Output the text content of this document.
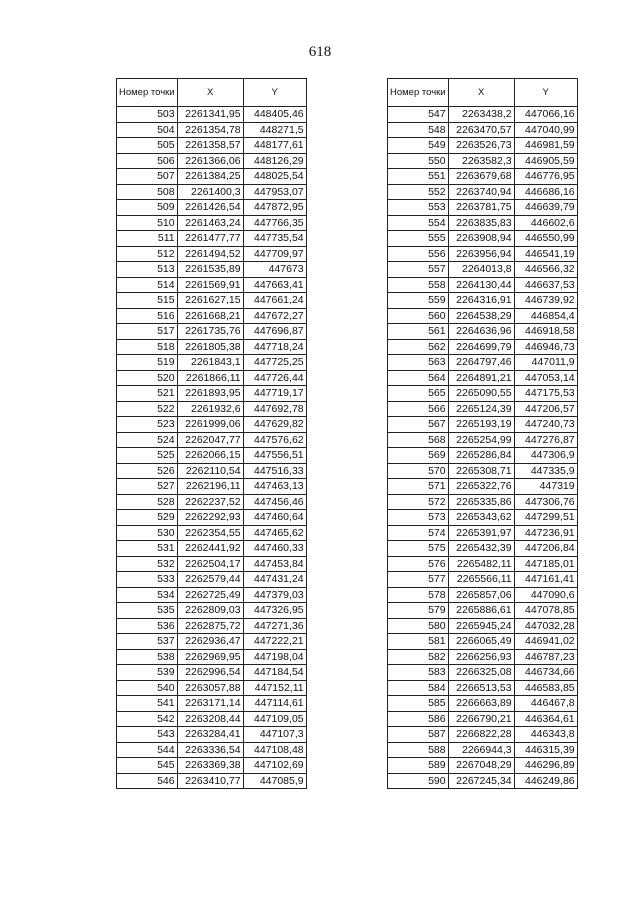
618
Номер точки	X	Y
503	2261341,95	448405,46
504	2261354,78	448271,5
505	2261358,57	448177,61
506	2261366,06	448126,29
507	2261384,25	448025,54
508	2261400,3	447953,07
509	2261426,54	447872,95
510	2261463,24	447766,35
511	2261477,77	447735,54
512	2261494,52	447709,97
513	2261535,89	447673
514	2261569,91	447663,41
515	2261627,15	447661,24
516	2261668,21	447672,27
517	2261735,76	447696,87
518	2261805,38	447718,24
519	2261843,1	447725,25
520	2261866,11	447726,44
521	2261893,95	447719,17
522	2261932,6	447692,78
523	2261999,06	447629,82
524	2262047,77	447576,62
525	2262066,15	447556,51
526	2262110,54	447516,33
527	2262196,11	447463,13
528	2262237,52	447456,46
529	2262292,93	447460,64
530	2262354,55	447465,62
531	2262441,92	447460,33
532	2262504,17	447453,84
533	2262579,44	447431,24
534	2262725,49	447379,03
535	2262809,03	447326,95
536	2262875,72	447271,36
537	2262936,47	447222,21
538	2262969,95	447198,04
539	2262996,54	447184,54
540	2263057,88	447152,11
541	2263171,14	447114,61
542	2263208,44	447109,05
543	2263284,41	447107,3
544	2263336,54	447108,48
545	2263369,38	447102,69
546	2263410,77	447085,9
Номер точки	X	Y
547	2263438,2	447066,16
548	2263470,57	447040,99
549	2263526,73	446981,59
550	2263582,3	446905,59
551	2263679,68	446776,95
552	2263740,94	446686,16
553	2263781,75	446639,79
554	2263835,83	446602,6
555	2263908,94	446550,99
556	2263956,94	446541,19
557	2264013,8	446566,32
558	2264130,44	446637,53
559	2264316,91	446739,92
560	2264538,29	446854,4
561	2264636,96	446918,58
562	2264699,79	446946,73
563	2264797,46	447011,9
564	2264891,21	447053,14
565	2265090,55	447175,53
566	2265124,39	447206,57
567	2265193,19	447240,73
568	2265254,99	447276,87
569	2265286,84	447306,9
570	2265308,71	447335,9
571	2265322,76	447319
572	2265335,86	447306,76
573	2265343,62	447299,51
574	2265391,97	447236,91
575	2265432,39	447206,84
576	2265482,11	447185,01
577	2265566,11	447161,41
578	2265857,06	447090,6
579	2265886,61	447078,85
580	2265945,24	447032,28
581	2266065,49	446941,02
582	2266256,93	446787,23
583	2266325,08	446734,66
584	2266513,53	446583,85
585	2266663,89	446467,8
586	2266790,21	446364,61
587	2266822,28	446343,8
588	2266944,3	446315,39
589	2267048,29	446296,89
590	2267245,34	446249,86
